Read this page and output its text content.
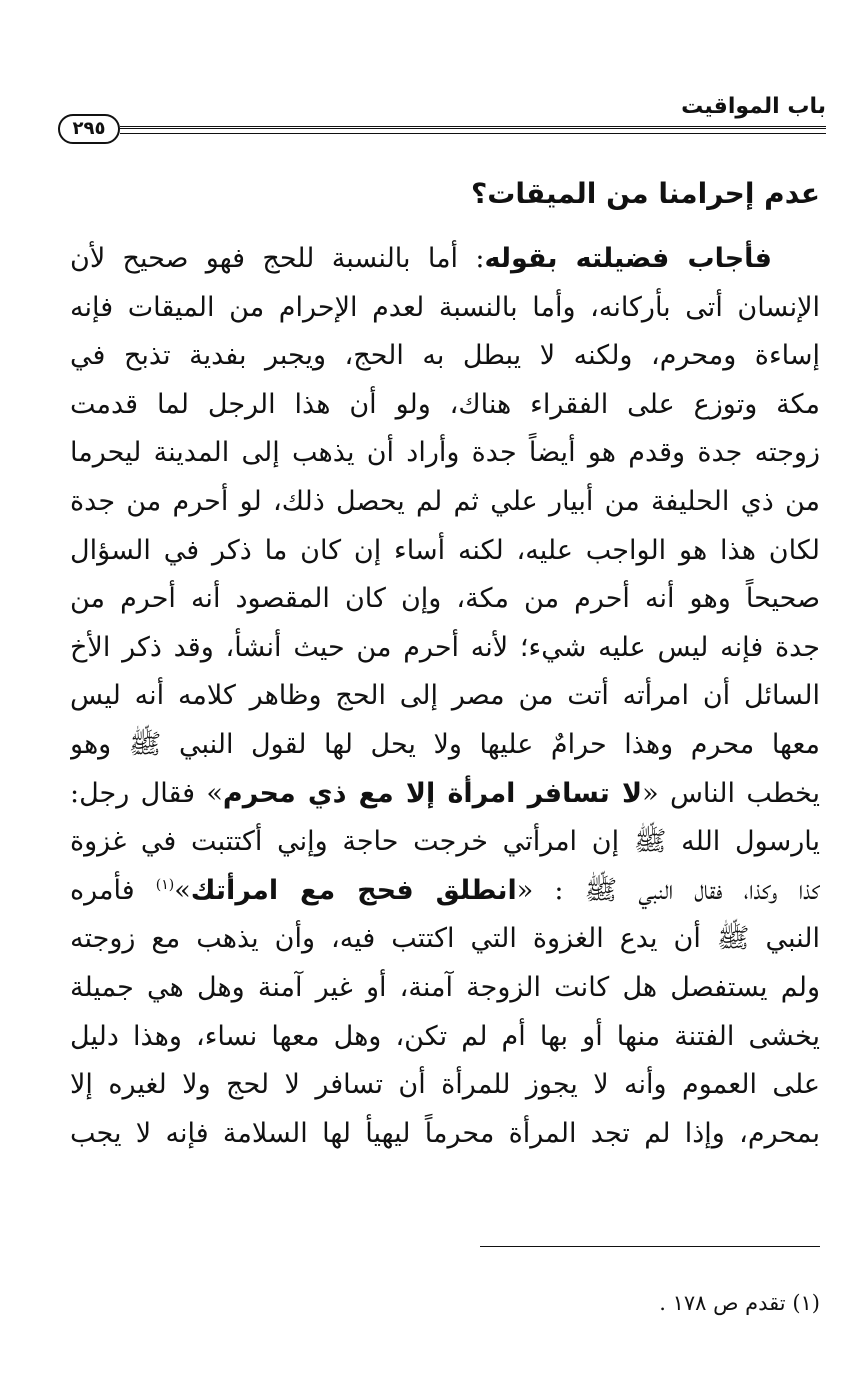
باب المواقيت
٢٩٥
عدم إحرامنا من الميقات؟
فأجاب فضيلته بقوله: أما بالنسبة للحج فهو صحيح لأن
الإنسان أتى بأركانه، وأما بالنسبة لعدم الإحرام من الميقات فإنه
إساءة ومحرم، ولكنه لا يبطل به الحج، ويجبر بفدية تذبح في
مكة وتوزع على الفقراء هناك، ولو أن هذا الرجل لما قدمت
زوجته جدة وقدم هو أيضاً جدة وأراد أن يذهب إلى المدينة ليحرما
من ذي الحليفة من أبيار علي ثم لم يحصل ذلك، لو أحرم من جدة
لكان هذا هو الواجب عليه، لكنه أساء إن كان ما ذكر في السؤال
صحيحاً وهو أنه أحرم من مكة، وإن كان المقصود أنه أحرم من
جدة فإنه ليس عليه شيء؛ لأنه أحرم من حيث أنشأ، وقد ذكر الأخ
السائل أن امرأته أتت من مصر إلى الحج وظاهر كلامه أنه ليس
معها محرم وهذا حرامٌ عليها ولا يحل لها لقول النبي ﷺ وهو
يخطب الناس «لا تسافر امرأة إلا مع ذي محرم» فقال رجل:
يارسول الله ﷺ إن امرأتي خرجت حاجة وإني أكتتبت في غزوة
كذا وكذا، فقال النبي ﷺ : «انطلق فحج مع امرأتك»$^{(١)}$ فأمره
النبي ﷺ أن يدع الغزوة التي اكتتب فيه، وأن يذهب مع زوجته
ولم يستفصل هل كانت الزوجة آمنة، أو غير آمنة وهل هي جميلة
يخشى الفتنة منها أو بها أم لم تكن، وهل معها نساء، وهذا دليل
على العموم وأنه لا يجوز للمرأة أن تسافر لا لحج ولا لغيره إلا
بمحرم، وإذا لم تجد المرأة محرماً ليهيأ لها السلامة فإنه لا يجب
(١) تقدم ص ١٧٨ .
